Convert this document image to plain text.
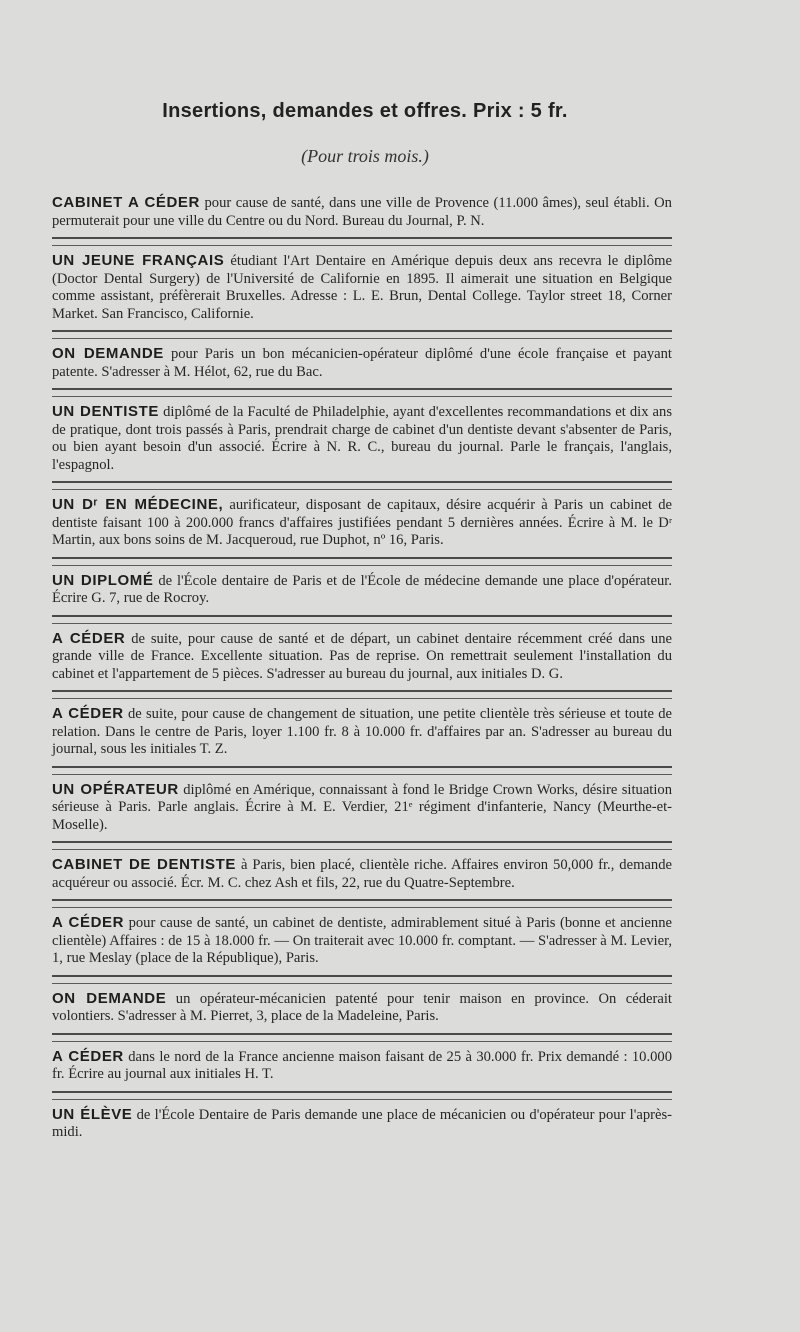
Insertions, demandes et offres. Prix : 5 fr.
(Pour trois mois.)

CABINET A CÉDER pour cause de santé, dans une ville de Provence (11.000 âmes), seul établi. On permuterait pour une ville du Centre ou du Nord. Bureau du Journal, P. N.

UN JEUNE FRANÇAIS étudiant l'Art Dentaire en Amérique depuis deux ans recevra le diplôme (Doctor Dental Surgery) de l'Université de Californie en 1895. Il aimerait une situation en Belgique comme assistant, préfèrerait Bruxelles. Adresse : L. E. Brun, Dental College. Taylor street 18, Corner Market. San Francisco, Californie.

ON DEMANDE pour Paris un bon mécanicien-opérateur diplômé d'une école française et payant patente. S'adresser à M. Hélot, 62, rue du Bac.

UN DENTISTE diplômé de la Faculté de Philadelphie, ayant d'excellentes recommandations et dix ans de pratique, dont trois passés à Paris, prendrait charge de cabinet d'un dentiste devant s'absenter de Paris, ou bien ayant besoin d'un associé. Écrire à N. R. C., bureau du journal. Parle le français, l'anglais, l'espagnol.

UN Dʳ EN MÉDECINE, aurificateur, disposant de capitaux, désire acquérir à Paris un cabinet de dentiste faisant 100 à 200.000 francs d'affaires justifiées pendant 5 dernières années. Écrire à M. le Dʳ Martin, aux bons soins de M. Jacqueroud, rue Duphot, nº 16, Paris.

UN DIPLOMÉ de l'École dentaire de Paris et de l'École de médecine demande une place d'opérateur. Écrire G. 7, rue de Rocroy.

A CÉDER de suite, pour cause de santé et de départ, un cabinet dentaire récemment créé dans une grande ville de France. Excellente situation. Pas de reprise. On remettrait seulement l'installation du cabinet et l'appartement de 5 pièces. S'adresser au bureau du journal, aux initiales D. G.

A CÉDER de suite, pour cause de changement de situation, une petite clientèle très sérieuse et toute de relation. Dans le centre de Paris, loyer 1.100 fr. 8 à 10.000 fr. d'affaires par an. S'adresser au bureau du journal, sous les initiales T. Z.

UN OPÉRATEUR diplômé en Amérique, connaissant à fond le Bridge Crown Works, désire situation sérieuse à Paris. Parle anglais. Écrire à M. E. Verdier, 21ᵉ régiment d'infanterie, Nancy (Meurthe-et-Moselle).

CABINET DE DENTISTE à Paris, bien placé, clientèle riche. Affaires environ 50,000 fr., demande acquéreur ou associé. Écr. M. C. chez Ash et fils, 22, rue du Quatre-Septembre.

A CÉDER pour cause de santé, un cabinet de dentiste, admirablement situé à Paris (bonne et ancienne clientèle) Affaires : de 15 à 18.000 fr. — On traiterait avec 10.000 fr. comptant. — S'adresser à M. Levier, 1, rue Meslay (place de la République), Paris.

ON DEMANDE un opérateur-mécanicien patenté pour tenir maison en province. On céderait volontiers. S'adresser à M. Pierret, 3, place de la Madeleine, Paris.

A CÉDER dans le nord de la France ancienne maison faisant de 25 à 30.000 fr. Prix demandé : 10.000 fr. Écrire au journal aux initiales H. T.

UN ÉLÈVE de l'École Dentaire de Paris demande une place de mécanicien ou d'opérateur pour l'après-midi.
